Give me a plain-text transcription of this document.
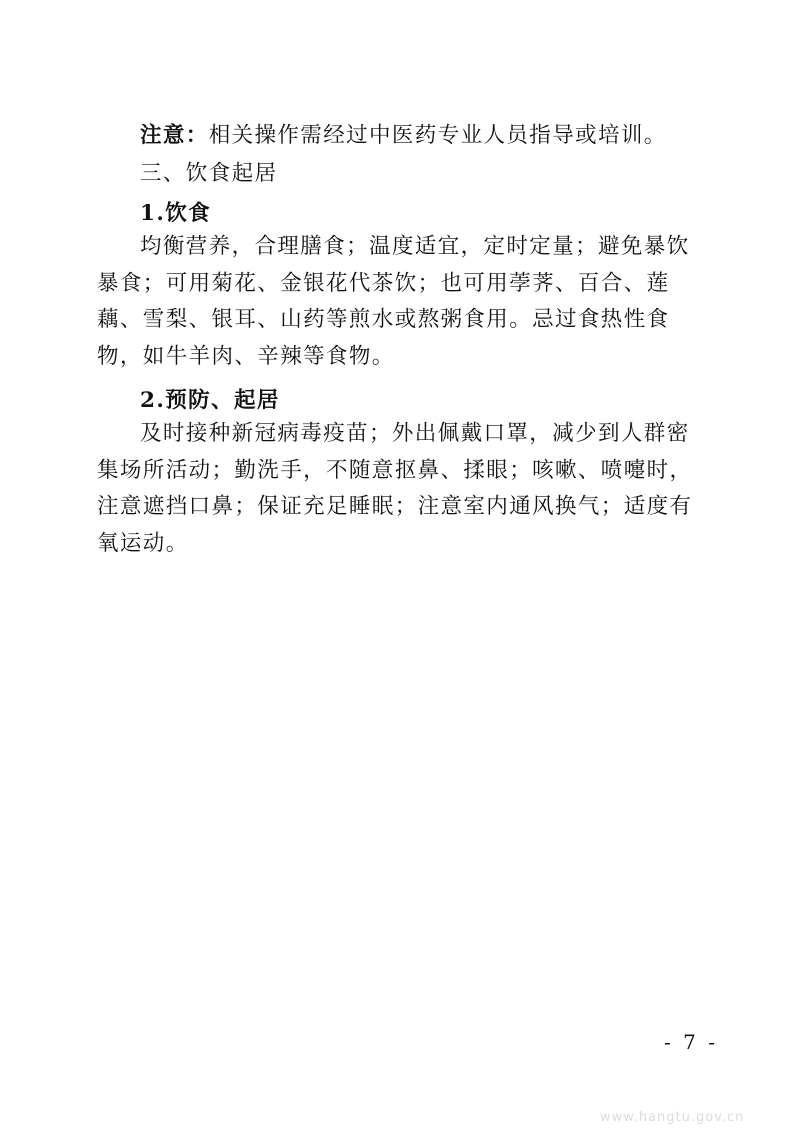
注意：相关操作需经过中医药专业人员指导或培训。

三、饮食起居

1.饮食

均衡营养，合理膳食；温度适宜，定时定量；避免暴饮暴食；可用菊花、金银花代茶饮；也可用荸荠、百合、莲藕、雪梨、银耳、山药等煎水或熬粥食用。忌过食热性食物，如牛羊肉、辛辣等食物。

2.预防、起居

及时接种新冠病毒疫苗；外出佩戴口罩，减少到人群密集场所活动；勤洗手，不随意抠鼻、揉眼；咳嗽、喷嚏时，注意遮挡口鼻；保证充足睡眠；注意室内通风换气；适度有氧运动。

- 7 -
www.hangtu.gov.cn
